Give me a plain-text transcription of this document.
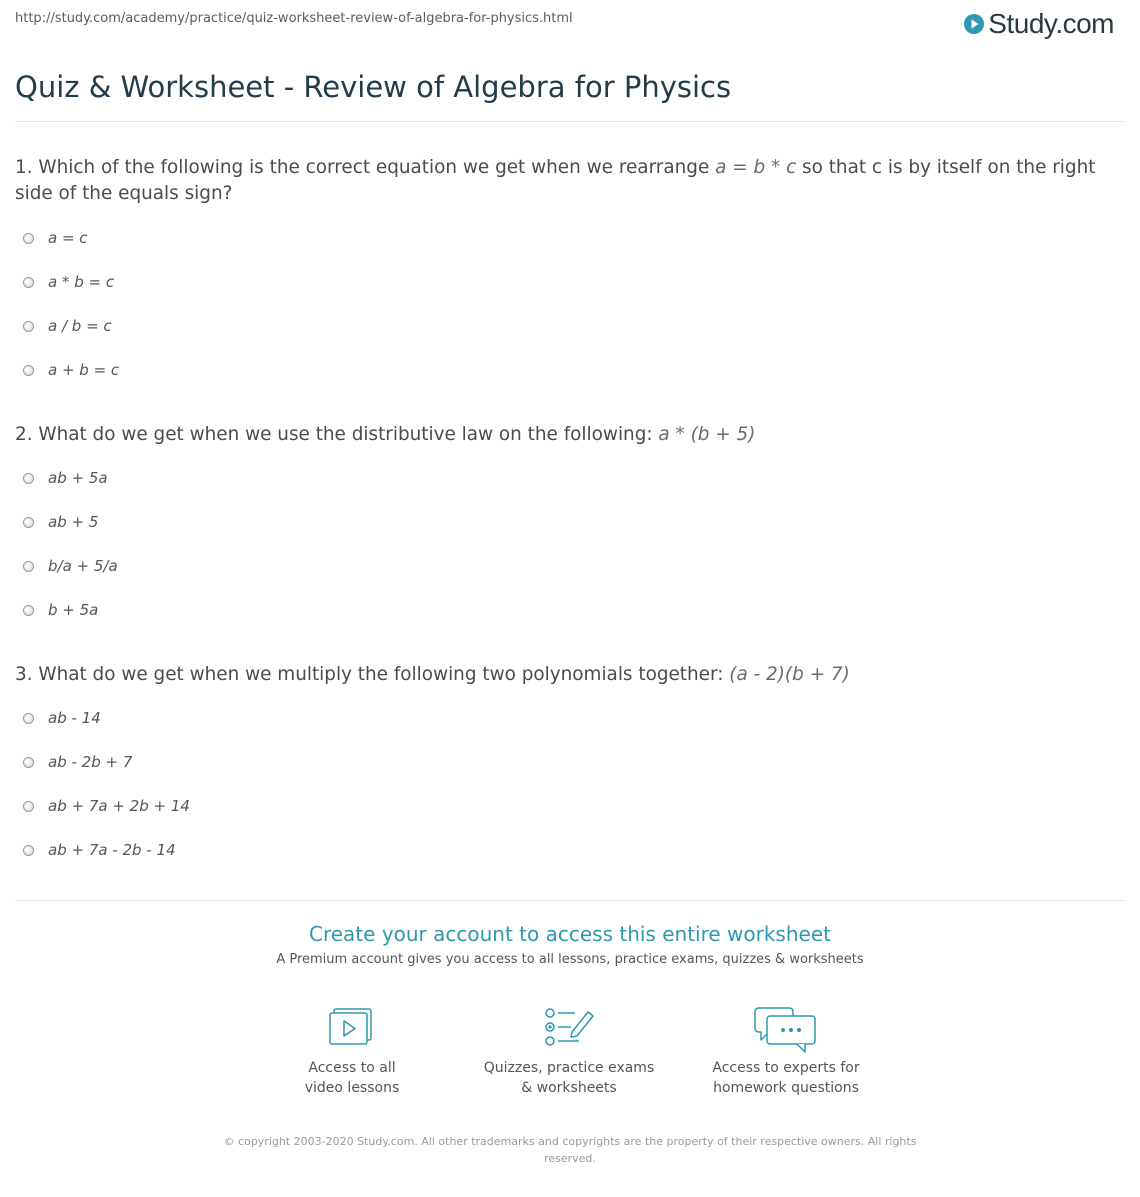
http://study.com/academy/practice/quiz-worksheet-review-of-algebra-for-physics.html	Study.com
Quiz & Worksheet - Review of Algebra for Physics

1. Which of the following is the correct equation we get when we rearrange a = b * c so that c is by itself on the right side of the equals sign?

a = c
a * b = c
a / b = c
a + b = c

2. What do we get when we use the distributive law on the following: a * (b + 5)

ab + 5a
ab + 5
b/a + 5/a
b + 5a

3. What do we get when we multiply the following two polynomials together: (a - 2)(b + 7)

ab - 14
ab - 2b + 7
ab + 7a + 2b + 14
ab + 7a - 2b - 14
Create your account to access this entire worksheet
A Premium account gives you access to all lessons, practice exams, quizzes & worksheets
Access to all
video lessons
Quizzes, practice exams
& worksheets
Access to experts for
homework questions
© copyright 2003-2020 Study.com. All other trademarks and copyrights are the property of their respective owners. All rights reserved.
